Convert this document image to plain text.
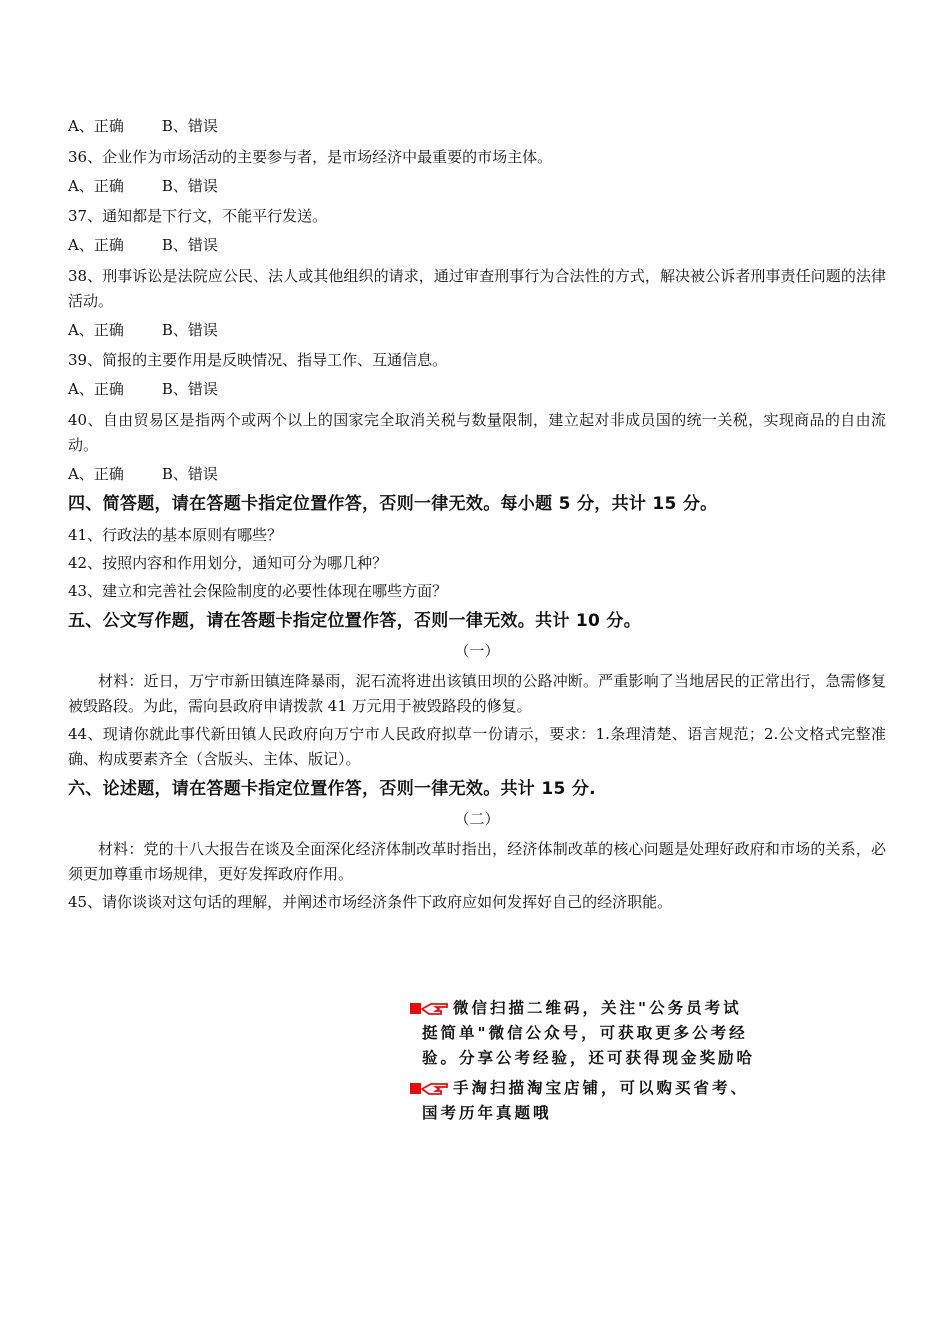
A、正确	B、错误

36、企业作为市场活动的主要参与者，是市场经济中最重要的市场主体。

A、正确	B、错误

37、通知都是下行文，不能平行发送。

A、正确	B、错误

38、刑事诉讼是法院应公民、法人或其他组织的请求，通过审查刑事行为合法性的方式，解决被公诉者刑事责任问题的法律活动。

A、正确	B、错误

39、简报的主要作用是反映情况、指导工作、互通信息。

A、正确	B、错误

40、自由贸易区是指两个或两个以上的国家完全取消关税与数量限制，建立起对非成员国的统一关税，实现商品的自由流动。

A、正确	B、错误

四、简答题，请在答题卡指定位置作答，否则一律无效。每小题 5 分，共计 15 分。

41、行政法的基本原则有哪些？

42、按照内容和作用划分，通知可分为哪几种？

43、建立和完善社会保险制度的必要性体现在哪些方面？

五、公文写作题，请在答题卡指定位置作答，否则一律无效。共计 10 分。

（一）

材料：近日，万宁市新田镇连降暴雨，泥石流将进出该镇田坝的公路冲断。严重影响了当地居民的正常出行，急需修复被毁路段。为此，需向县政府申请拨款 41 万元用于被毁路段的修复。

44、现请你就此事代新田镇人民政府向万宁市人民政府拟草一份请示，要求：1.条理清楚、语言规范；2.公文格式完整准确、构成要素齐全（含版头、主体、版记）。

六、论述题，请在答题卡指定位置作答，否则一律无效。共计 15 分.

（二）

材料：党的十八大报告在谈及全面深化经济体制改革时指出，经济体制改革的核心问题是处理好政府和市场的关系，必须更加尊重市场规律，更好发挥政府作用。

45、请你谈谈对这句话的理解，并阐述市场经济条件下政府应如何发挥好自己的经济职能。

微信扫描二维码，关注"公务员考试

挺简单"微信公众号，可获取更多公考经

验。分享公考经验，还可获得现金奖励哈

手淘扫描淘宝店铺，可以购买省考、

国考历年真题哦
